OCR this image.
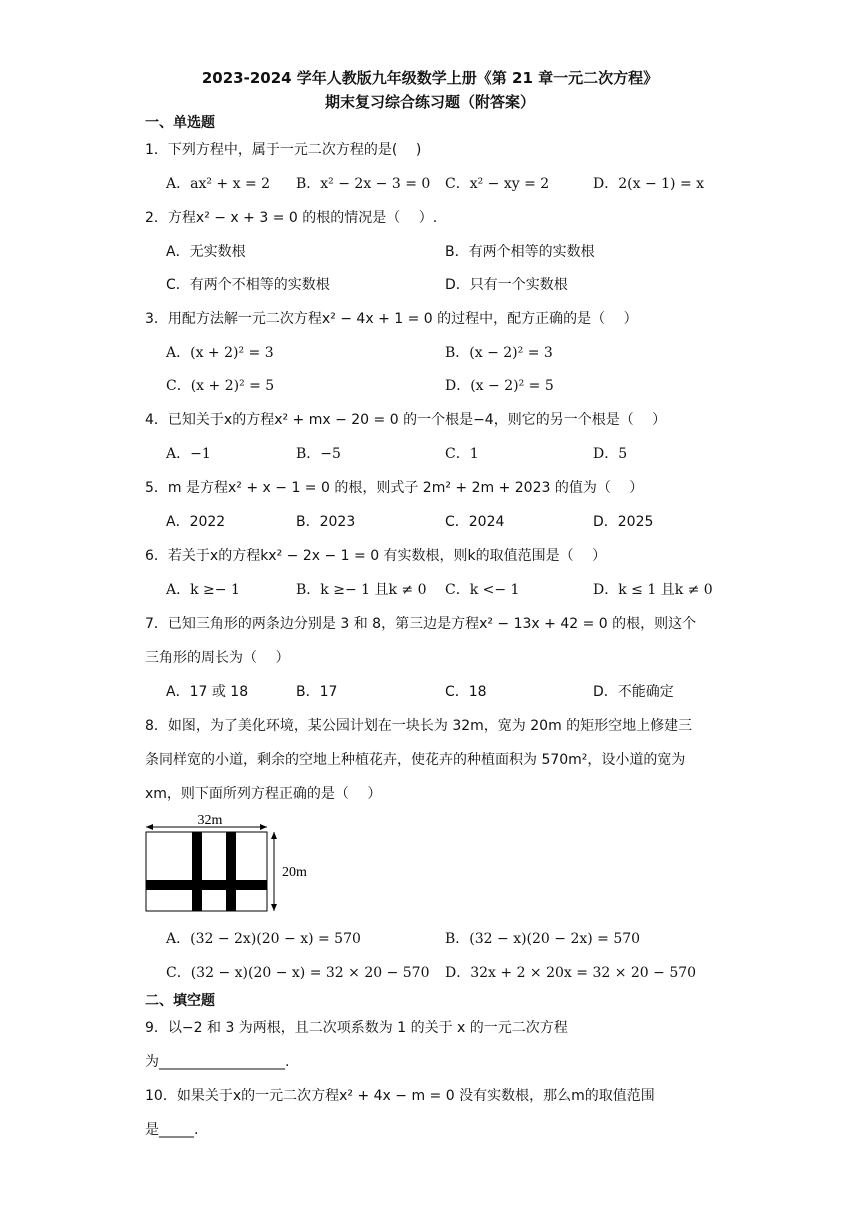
2023-2024 学年人教版九年级数学上册《第 21 章一元二次方程》
期末复习综合练习题（附答案）
一、单选题
1．下列方程中，属于一元二次方程的是(　 )
A．ax² + x = 2 B．x² − 2x − 3 = 0 C．x² − xy = 2	D．2(x − 1) = x
2．方程x² − x + 3 = 0 的根的情况是（　 ）.
A．无实数根	B．有两个相等的实数根
C．有两个不相等的实数根	D．只有一个实数根
3．用配方法解一元二次方程x² − 4x + 1 = 0 的过程中，配方正确的是（　 ）
A．(x + 2)² = 3	B．(x − 2)² = 3
C．(x + 2)² = 5	D．(x − 2)² = 5
4．已知关于x的方程x² + mx − 20 = 0 的一个根是−4，则它的另一个根是（　 ）
A．−1	B．−5	C．1	D．5
5．m 是方程x² + x − 1 = 0 的根，则式子 2m² + 2m + 2023 的值为（　 ）
A．2022	B．2023	C．2024	D．2025
6．若关于x的方程kx² − 2x − 1 = 0 有实数根，则k的取值范围是（　 ）
A．k ≥− 1	B．k ≥− 1 且k ≠ 0 C．k <− 1	D．k ≤ 1 且k ≠ 0
7．已知三角形的两条边分别是 3 和 8，第三边是方程x² − 13x + 42 = 0 的根，则这个
三角形的周长为（　 ）
A．17 或 18	B．17	C．18	D．不能确定
8．如图，为了美化环境，某公园计划在一块长为 32m，宽为 20m 的矩形空地上修建三
条同样宽的小道，剩余的空地上种植花卉，使花卉的种植面积为 570m²，设小道的宽为
xm，则下面所列方程正确的是（　 ）
32m
20m
A．(32 − 2x)(20 − x) = 570	B．(32 − x)(20 − 2x) = 570
C．(32 − x)(20 − x) = 32 × 20 − 570 D．32x + 2 × 20x = 32 × 20 − 570
二、填空题
9．以−2 和 3 为两根，且二次项系数为 1 的关于 x 的一元二次方程
为__________________.
10．如果关于x的一元二次方程x² + 4x − m = 0 没有实数根，那么m的取值范围
是_____.
